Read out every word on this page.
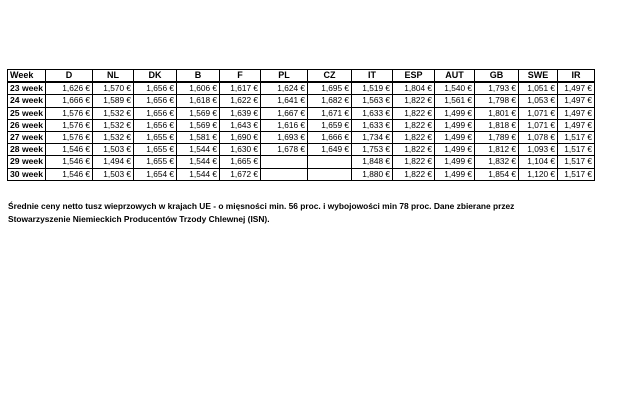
Week	D	NL	DK	B	F	PL	CZ	IT	ESP	AUT	GB	SWE	IR
23 week	1,626 €	1,570 €	1,656 €	1,606 €	1,617 €	1,624 €	1,695 €	1,519 €	1,804 €	1,540 €	1,793 €	1,051 €	1,497 €
24 week	1,666 €	1,589 €	1,656 €	1,618 €	1,622 €	1,641 €	1,682 €	1,563 €	1,822 €	1,561 €	1,798 €	1,053 €	1,497 €
25 week	1,576 €	1,532 €	1,656 €	1,569 €	1,639 €	1,667 €	1,671 €	1,633 €	1,822 €	1,499 €	1,801 €	1,071 €	1,497 €
26 week	1,576 €	1,532 €	1,656 €	1,569 €	1,643 €	1,616 €	1,659 €	1,633 €	1,822 €	1,499 €	1,818 €	1,071 €	1,497 €
27 week	1,576 €	1,532 €	1,655 €	1,581 €	1,690 €	1,693 €	1,666 €	1,734 €	1,822 €	1,499 €	1,789 €	1,078 €	1,517 €
28 week	1,546 €	1,503 €	1,655 €	1,544 €	1,630 €	1,678 €	1,649 €	1,753 €	1,822 €	1,499 €	1,812 €	1,093 €	1,517 €
29 week	1,546 €	1,494 €	1,655 €	1,544 €	1,665 €			1,848 €	1,822 €	1,499 €	1,832 €	1,104 €	1,517 €
30 week	1,546 €	1,503 €	1,654 €	1,544 €	1,672 €			1,880 €	1,822 €	1,499 €	1,854 €	1,120 €	1,517 €
Średnie ceny netto tusz wieprzowych w krajach UE - o mięsności min. 56 proc. i wybojowości min 78 proc. Dane zbierane przez
Stowarzyszenie Niemieckich Producentów Trzody Chlewnej (ISN).
